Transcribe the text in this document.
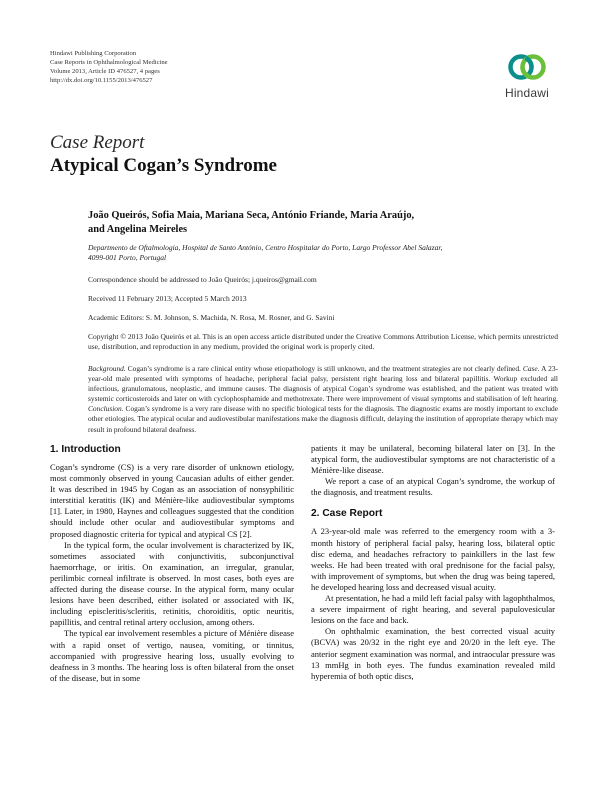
Hindawi Publishing Corporation
Case Reports in Ophthalmological Medicine
Volume 2013, Article ID 476527, 4 pages
http://dx.doi.org/10.1155/2013/476527
Hindawi
Case Report
Atypical Cogan’s Syndrome
João Queirós, Sofia Maia, Mariana Seca, António Friande, Maria Araújo,
and Angelina Meireles
Departmento de Oftalmologia, Hospital de Santo António, Centro Hospitalar do Porto, Largo Professor Abel Salazar,
4099-001 Porto, Portugal
Correspondence should be addressed to João Queirós; j.queiros@gmail.com
Received 11 February 2013; Accepted 5 March 2013
Academic Editors: S. M. Johnson, S. Machida, N. Rosa, M. Rosner, and G. Savini
Copyright © 2013 João Queirós et al. This is an open access article distributed under the Creative Commons Attribution License, which permits unrestricted use, distribution, and reproduction in any medium, provided the original work is properly cited.
Background. Cogan’s syndrome is a rare clinical entity whose etiopathology is still unknown, and the treatment strategies are not clearly defined. Case. A 23-year-old male presented with symptoms of headache, peripheral facial palsy, persistent right hearing loss and bilateral papillitis. Workup excluded all infectious, granulomatous, neoplastic, and immune causes. The diagnosis of atypical Cogan’s syndrome was established, and the patient was treated with systemic corticosteroids and later on with cyclophosphamide and methotrexate. There were improvement of visual symptoms and stabilisation of left hearing. Conclusion. Cogan’s syndrome is a very rare disease with no specific biological tests for the diagnosis. The diagnostic exams are mostly important to exclude other etiologies. The atypical ocular and audiovestibular manifestations make the diagnosis difficult, delaying the institution of appropriate therapy which may result in profound bilateral deafness.
1. Introduction

Cogan’s syndrome (CS) is a very rare disorder of unknown etiology, most commonly observed in young Caucasian adults of either gender. It was described in 1945 by Cogan as an association of nonsyphilitic interstitial keratitis (IK) and Ménière-like audiovestibular symptoms [1]. Later, in 1980, Haynes and colleagues suggested that the condition should include other ocular and audiovestibular symptoms and proposed diagnostic criteria for typical and atypical CS [2].

In the typical form, the ocular involvement is characterized by IK, sometimes associated with conjunctivitis, subconjunctival haemorrhage, or iritis. On examination, an irregular, granular, perilimbic corneal infiltrate is observed. In most cases, both eyes are affected during the disease course. In the atypical form, many ocular lesions have been described, either isolated or associated with IK, including episcleritis/scleritis, retinitis, choroiditis, optic neuritis, papillitis, and central retinal artery occlusion, among others.

The typical ear involvement resembles a picture of Ménière disease with a rapid onset of vertigo, nausea, vomiting, or tinnitus, accompanied with progressive hearing loss, usually evolving to deafness in 3 months. The hearing loss is often bilateral from the onset of the disease, but in some

patients it may be unilateral, becoming bilateral later on [3]. In the atypical form, the audiovestibular symptoms are not characteristic of a Ménière-like disease.

We report a case of an atypical Cogan’s syndrome, the workup of the diagnosis, and treatment results.

2. Case Report

A 23-year-old male was referred to the emergency room with a 3-month history of peripheral facial palsy, hearing loss, bilateral optic disc edema, and headaches refractory to painkillers in the last few weeks. He had been treated with oral prednisone for the facial palsy, with improvement of symptoms, but when the drug was being tapered, he developed hearing loss and decreased visual acuity.

At presentation, he had a mild left facial palsy with lagophthalmos, a severe impairment of right hearing, and several papulovesicular lesions on the face and back.

On ophthalmic examination, the best corrected visual acuity (BCVA) was 20/32 in the right eye and 20/20 in the left eye. The anterior segment examination was normal, and intraocular pressure was 13 mmHg in both eyes. The fundus examination revealed mild hyperemia of both optic discs,
